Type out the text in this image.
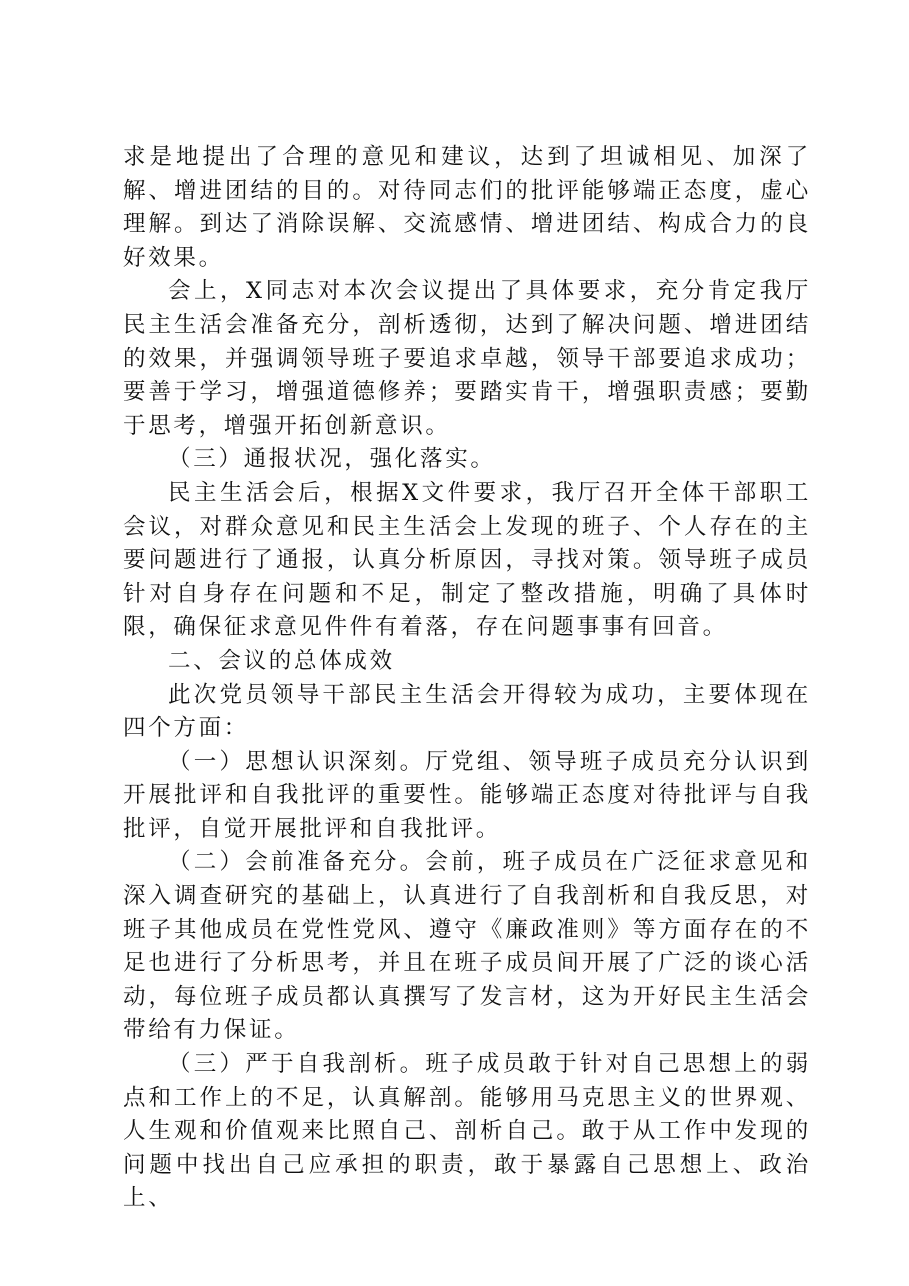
求是地提出了合理的意见和建议，达到了坦诚相见、加深了解、增进团结的目的。对待同志们的批评能够端正态度，虚心理解。到达了消除误解、交流感情、增进团结、构成合力的良好效果。

会上，X同志对本次会议提出了具体要求，充分肯定我厅民主生活会准备充分，剖析透彻，达到了解决问题、增进团结的效果，并强调领导班子要追求卓越，领导干部要追求成功；要善于学习，增强道德修养；要踏实肯干，增强职责感；要勤于思考，增强开拓创新意识。

（三）通报状况，强化落实。

民主生活会后，根据X文件要求，我厅召开全体干部职工会议，对群众意见和民主生活会上发现的班子、个人存在的主要问题进行了通报，认真分析原因，寻找对策。领导班子成员针对自身存在问题和不足，制定了整改措施，明确了具体时限，确保征求意见件件有着落，存在问题事事有回音。

二、会议的总体成效

此次党员领导干部民主生活会开得较为成功，主要体现在四个方面：

（一）思想认识深刻。厅党组、领导班子成员充分认识到开展批评和自我批评的重要性。能够端正态度对待批评与自我批评，自觉开展批评和自我批评。

（二）会前准备充分。会前，班子成员在广泛征求意见和深入调查研究的基础上，认真进行了自我剖析和自我反思，对班子其他成员在党性党风、遵守《廉政准则》等方面存在的不足也进行了分析思考，并且在班子成员间开展了广泛的谈心活动，每位班子成员都认真撰写了发言材，这为开好民主生活会带给有力保证。

（三）严于自我剖析。班子成员敢于针对自己思想上的弱点和工作上的不足，认真解剖。能够用马克思主义的世界观、人生观和价值观来比照自己、剖析自己。敢于从工作中发现的问题中找出自己应承担的职责，敢于暴露自己思想上、政治上、
